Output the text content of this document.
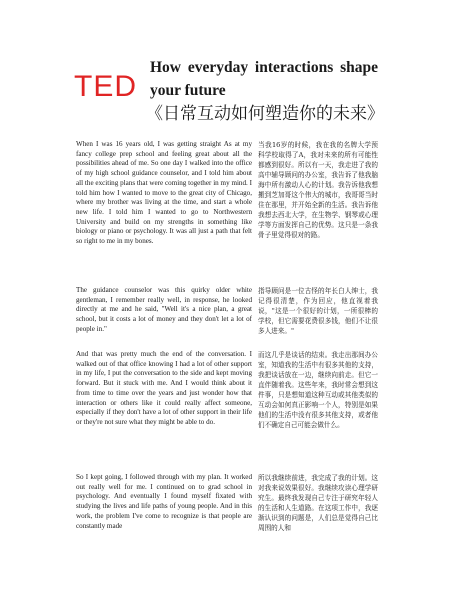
TED
How everyday interactions shape your future
《日常互动如何塑造你的未来》

When I was 16 years old, I was getting straight As at my fancy college prep school and feeling great about all the possibilities ahead of me. So one day I walked into the office of my high school guidance counselor, and I told him about all the exciting plans that were coming together in my mind. I told him how I wanted to move to the great city of Chicago, where my brother was living at the time, and start a whole new life. I told him I wanted to go to Northwestern University and build on my strengths in something like biology or piano or psychology. It was all just a path that felt so right to me in my bones.

The guidance counselor was this quirky older white gentleman, I remember really well, in response, he looked directly at me and he said, "Well it's a nice plan, a great school, but it costs a lot of money and they don't let a lot of people in."

And that was pretty much the end of the conversation. I walked out of that office knowing I had a lot of other support in my life, I put the conversation to the side and kept moving forward. But it stuck with me. And I would think about it from time to time over the years and just wonder how that interaction or others like it could really affect someone, especially if they don't have a lot of other support in their life or they're not sure what they might be able to do.

So I kept going, I followed through with my plan. It worked out really well for me. I continued on to grad school in psychology. And eventually I found myself fixated with studying the lives and life paths of young people. And in this work, the problem I've come to recognize is that people are constantly made

当我16岁的时候，我在我的名牌大学预科学校取得了A，我对未来的所有可能性都感到很好。所以有一天，我走进了我的高中辅导顾问的办公室，我告诉了他我脑海中所有激动人心的计划。我告诉他我想搬到芝加哥这个伟大的城市，我哥哥当时住在那里，并开始全新的生活。我告诉他我想去西北大学，在生物学、钢琴或心理学等方面发挥自己的优势。这只是一条我骨子里觉得很对的路。

指导顾问是一位古怪的年长白人绅士，我记得很清楚，作为回应，他直视着我说，"这是一个很好的计划，一所很棒的学校，但它需要花费很多钱，他们不让很多人进来。"

而这几乎是谈话的结束。我走出那间办公室，知道我的生活中有很多其他的支持，我把谈话放在一边，继续向前走。但它一直伴随着我。这些年来，我时常会想到这件事，只是想知道这种互动或其他类似的互动会如何真正影响一个人，特别是如果他们的生活中没有很多其他支持，或者他们不确定自己可能会做什么。

所以我继续前进，我完成了我的计划。这对我来说效果很好。我继续攻读心理学研究生。最终我发现自己专注于研究年轻人的生活和人生道路。在这项工作中，我逐渐认识到的问题是，人们总是觉得自己比周围的人和
